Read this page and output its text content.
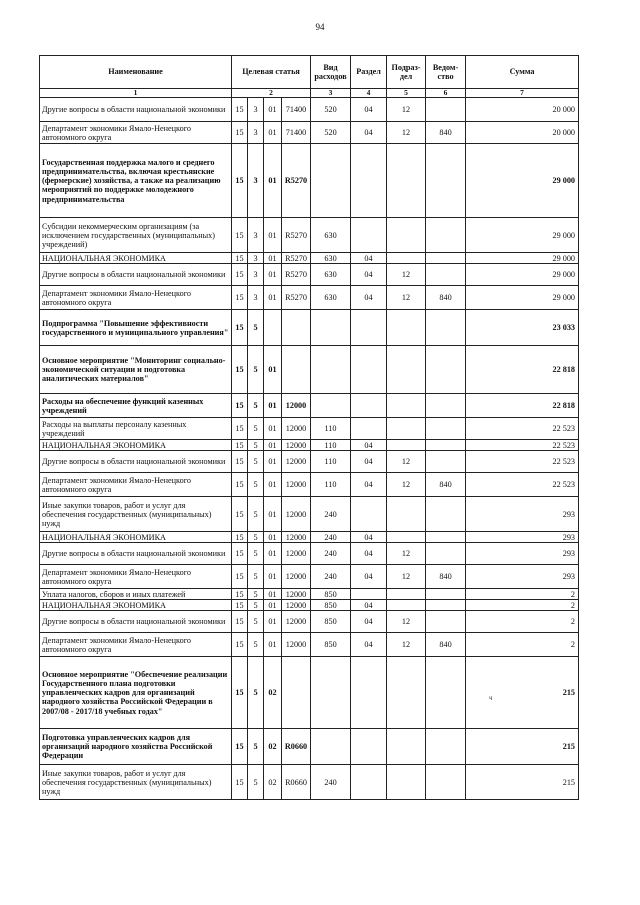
94
ч
Наименование	Целевая статья				Вид расходов	Раздел	Подраз-дел	Ведом-ство	Сумма
1	2				3	4	5	6	7
Другие вопросы в области национальной экономики	15	3	01	71400	520	04	12		20 000
Департамент экономики Ямало-Ненецкого автономного округа	15	3	01	71400	520	04	12	840	20 000
Государственная поддержка малого и среднего предпринимательства, включая крестьянские (фермерские) хозяйства, а также на реализацию мероприятий по поддержке молодежного предпринимательства	15	3	01	R5270					29 000
Субсидии некоммерческим организациям (за исключением государственных (муниципальных) учреждений)	15	3	01	R5270	630				29 000
НАЦИОНАЛЬНАЯ ЭКОНОМИКА	15	3	01	R5270	630	04			29 000
Другие вопросы в области национальной экономики	15	3	01	R5270	630	04	12		29 000
Департамент экономики Ямало-Ненецкого автономного округа	15	3	01	R5270	630	04	12	840	29 000
Подпрограмма "Повышение эффективности государственного и муниципального управления"	15	5							23 033
Основное мероприятие "Мониторинг социально-экономической ситуации и подготовка аналитических материалов"	15	5	01						22 818
Расходы на обеспечение функций казенных учреждений	15	5	01	12000					22 818
Расходы на выплаты персоналу казенных учреждений	15	5	01	12000	110				22 523
НАЦИОНАЛЬНАЯ ЭКОНОМИКА	15	5	01	12000	110	04			22 523
Другие вопросы в области национальной экономики	15	5	01	12000	110	04	12		22 523
Департамент экономики Ямало-Ненецкого автономного округа	15	5	01	12000	110	04	12	840	22 523
Иные закупки товаров, работ и услуг для обеспечения государственных (муниципальных) нужд	15	5	01	12000	240				293
НАЦИОНАЛЬНАЯ ЭКОНОМИКА	15	5	01	12000	240	04			293
Другие вопросы в области национальной экономики	15	5	01	12000	240	04	12		293
Департамент экономики Ямало-Ненецкого автономного округа	15	5	01	12000	240	04	12	840	293
Уплата налогов, сборов и иных платежей	15	5	01	12000	850				2
НАЦИОНАЛЬНАЯ ЭКОНОМИКА	15	5	01	12000	850	04			2
Другие вопросы в области национальной экономики	15	5	01	12000	850	04	12		2
Департамент экономики Ямало-Ненецкого автономного округа	15	5	01	12000	850	04	12	840	2
Основное мероприятие "Обеспечение реализации Государственного плана подготовки управленческих кадров для организаций народного хозяйства Российской Федерации в 2007/08 - 2017/18 учебных годах"	15	5	02						215
Подготовка управленческих кадров для организаций народного хозяйства Российской Федерации	15	5	02	R0660					215
Иные закупки товаров, работ и услуг для обеспечения государственных (муниципальных) нужд	15	5	02	R0660	240				215
